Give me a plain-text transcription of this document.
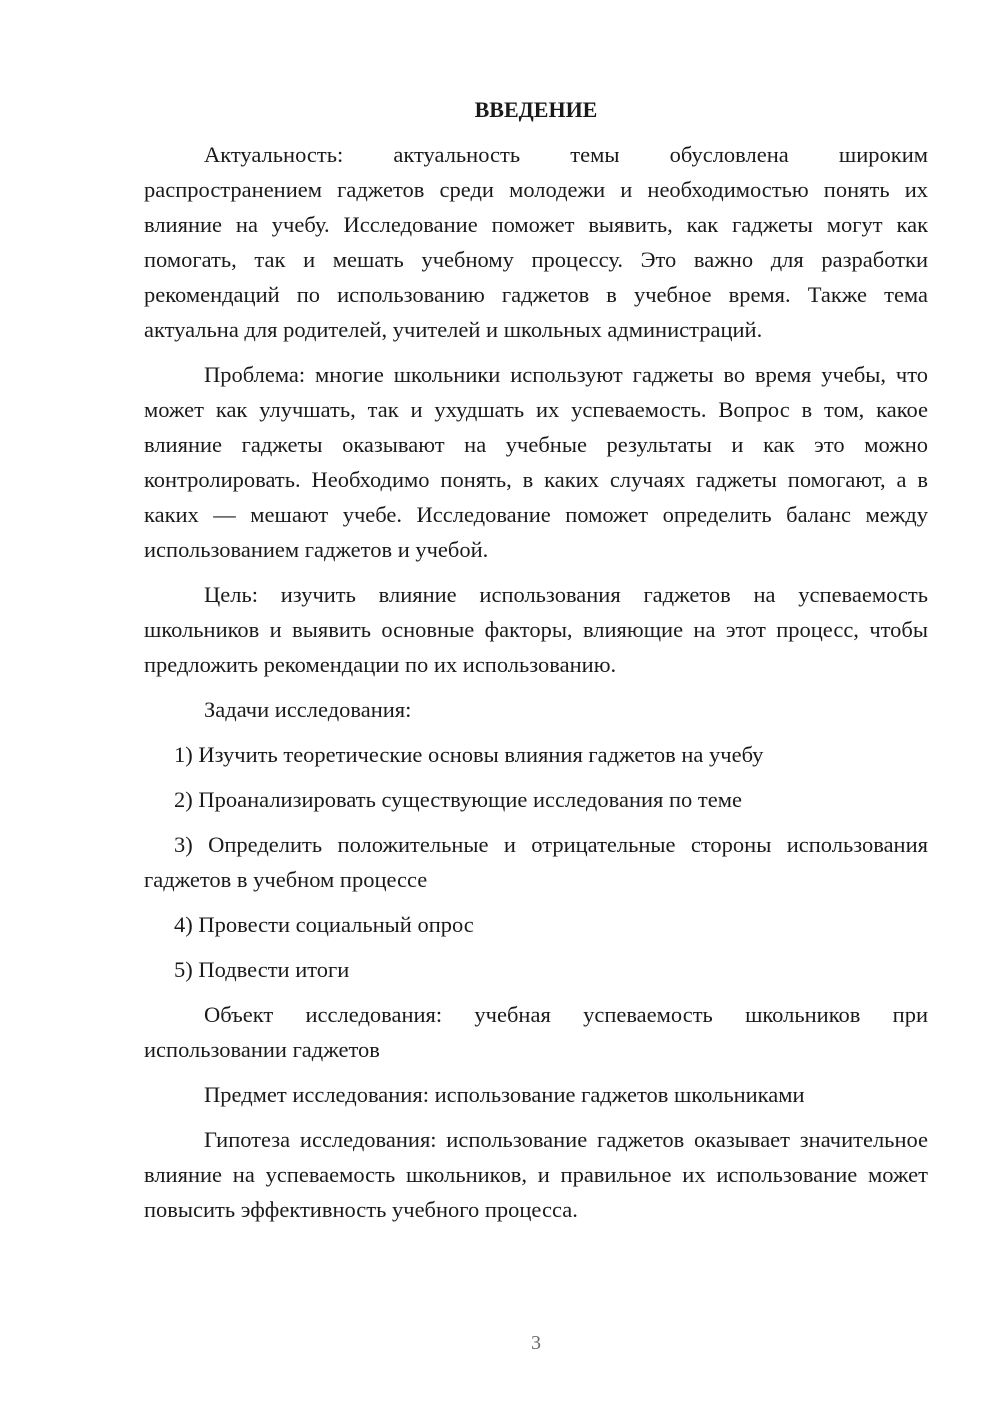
ВВЕДЕНИЕ

Актуальность: актуальность темы обусловлена широким распространением гаджетов среди молодежи и необходимостью понять их влияние на учебу. Исследование поможет выявить, как гаджеты могут как помогать, так и мешать учебному процессу. Это важно для разработки рекомендаций по использованию гаджетов в учебное время. Также тема актуальна для родителей, учителей и школьных администраций.

Проблема: многие школьники используют гаджеты во время учебы, что может как улучшать, так и ухудшать их успеваемость. Вопрос в том, какое влияние гаджеты оказывают на учебные результаты и как это можно контролировать. Необходимо понять, в каких случаях гаджеты помогают, а в каких — мешают учебе. Исследование поможет определить баланс между использованием гаджетов и учебой.

Цель: изучить влияние использования гаджетов на успеваемость школьников и выявить основные факторы, влияющие на этот процесс, чтобы предложить рекомендации по их использованию.

Задачи исследования:

1) Изучить теоретические основы влияния гаджетов на учебу

2) Проанализировать существующие исследования по теме

3) Определить положительные и отрицательные стороны использования гаджетов в учебном процессе

4) Провести социальный опрос

5) Подвести итоги

Объект исследования: учебная успеваемость школьников при использовании гаджетов

Предмет исследования: использование гаджетов школьниками

Гипотеза исследования: использование гаджетов оказывает значительное влияние на успеваемость школьников, и правильное их использование может повысить эффективность учебного процесса.

3
